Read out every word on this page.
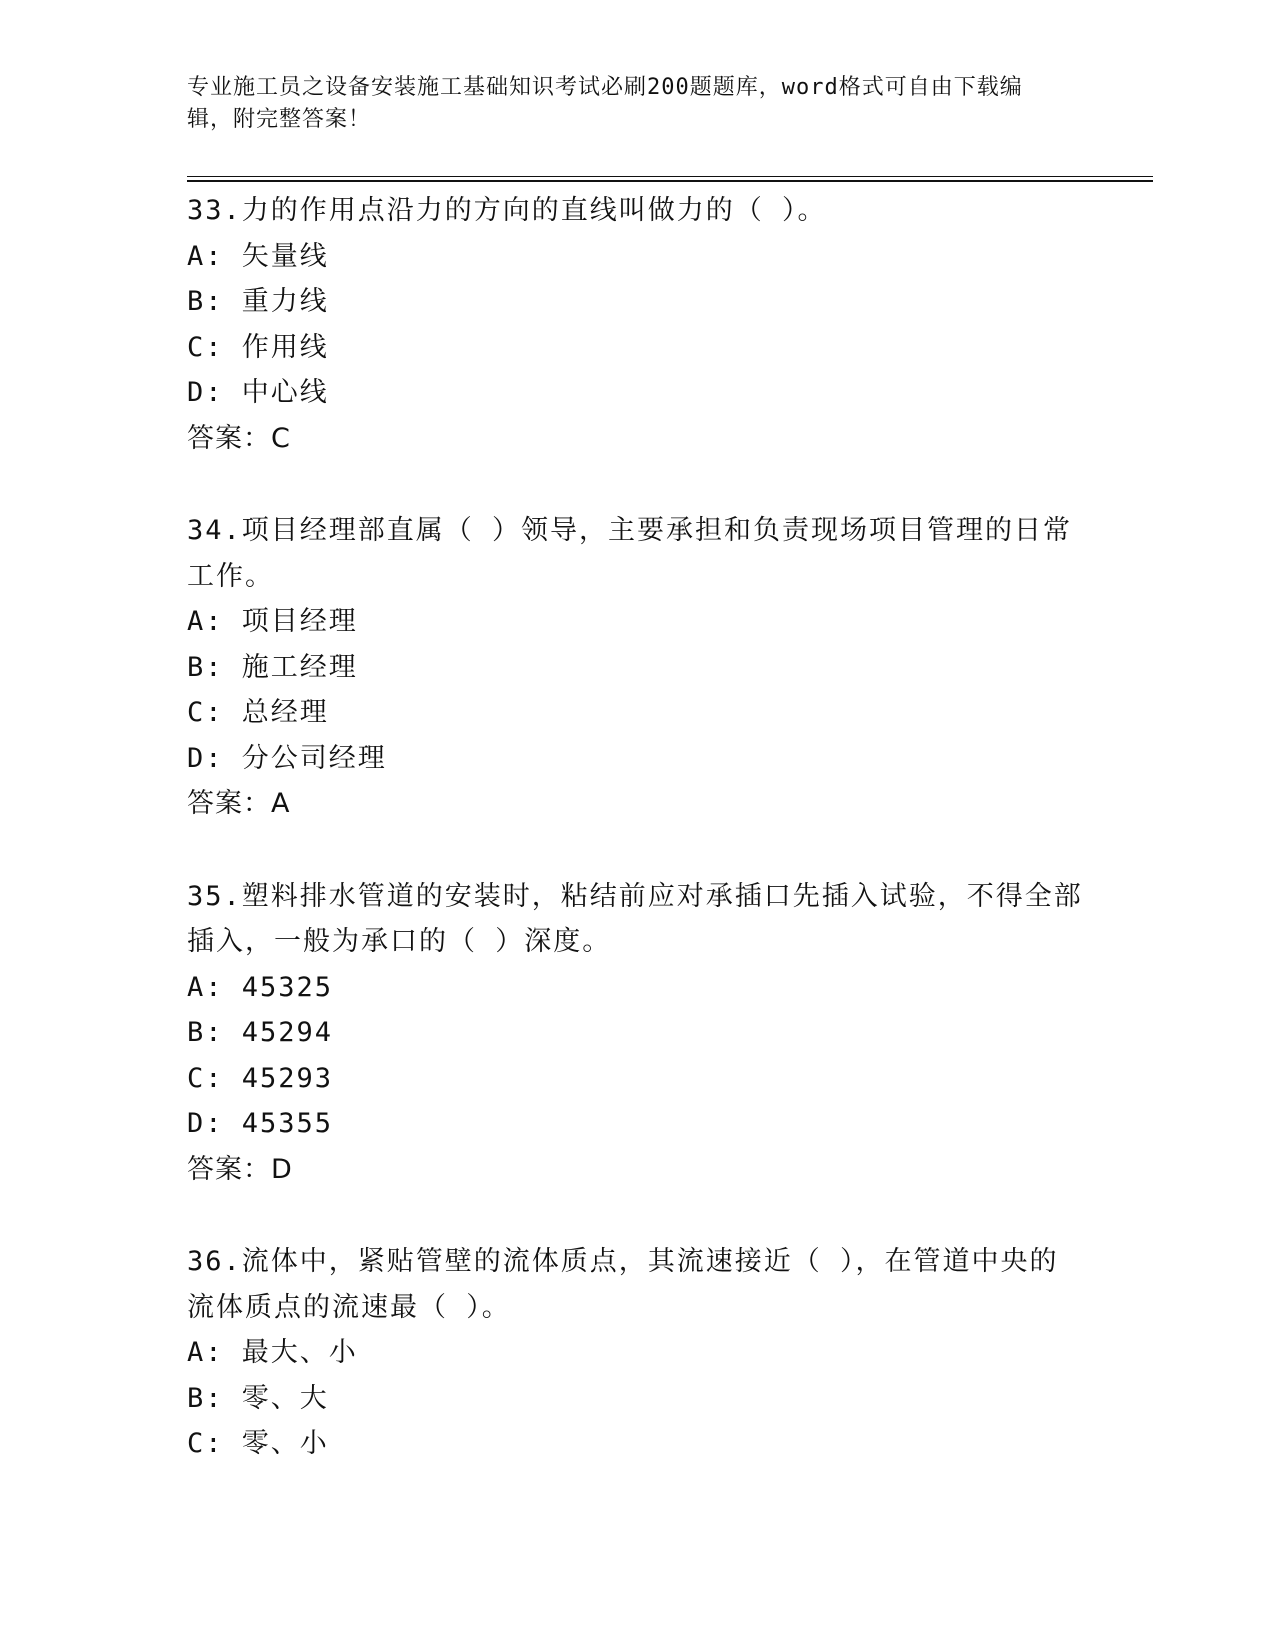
专业施工员之设备安装施工基础知识考试必刷200题题库，word格式可自由下载编辑，附完整答案！
33.力的作用点沿力的方向的直线叫做力的（ ）。
A: 矢量线
B: 重力线
C: 作用线
D: 中心线
答案：C
34.项目经理部直属（ ）领导，主要承担和负责现场项目管理的日常工作。
A: 项目经理
B: 施工经理
C: 总经理
D: 分公司经理
答案：A
35.塑料排水管道的安装时，粘结前应对承插口先插入试验，不得全部插入，一般为承口的（ ）深度。
A: 45325
B: 45294
C: 45293
D: 45355
答案：D
36.流体中，紧贴管壁的流体质点，其流速接近（ ），在管道中央的流体质点的流速最（ ）。
A: 最大、小
B: 零、大
C: 零、小
